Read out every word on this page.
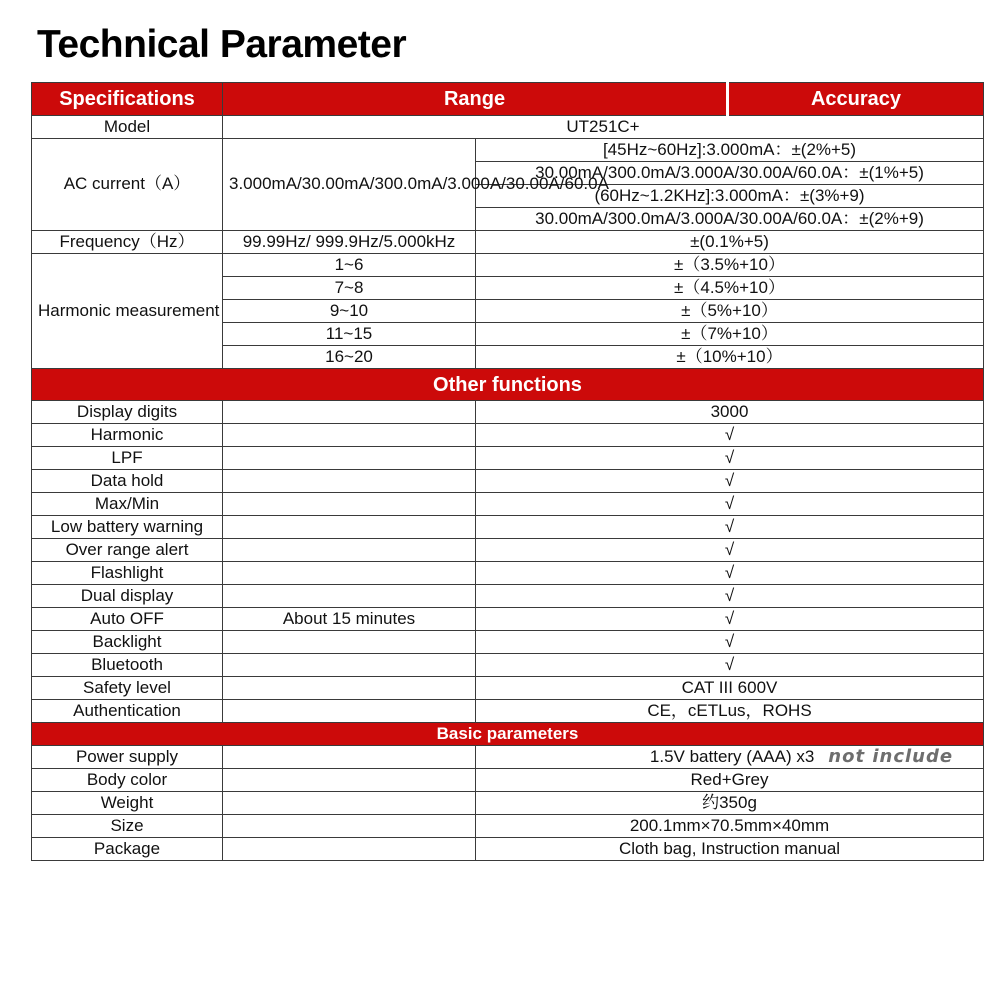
Technical Parameter
Specifications	Range		Accuracy
Model	UT251C+		
AC current（A）	3.000mA/30.00mA/300.0mA/3.000A/30.00A/60.0A	[45Hz~60Hz]:3.000mA：±(2%+5)	
		30.00mA/300.0mA/3.000A/30.00A/60.0A：±(1%+5)	
		(60Hz~1.2KHz]:3.000mA：±(3%+9)	
		30.00mA/300.0mA/3.000A/30.00A/60.0A：±(2%+9)	
Frequency（Hz）	99.99Hz/ 999.9Hz/5.000kHz	±(0.1%+5)	
Harmonic measurement	1~6	±（3.5%+10）	
	7~8	±（4.5%+10）	
	9~10	±（5%+10）	
	11~15	±（7%+10）	
	16~20	±（10%+10）	
Other functions			
Display digits		3000	
Harmonic		√	
LPF		√	
Data hold		√	
Max/Min		√	
Low battery warning		√	
Over range alert		√	
Flashlight		√	
Dual display		√	
Auto OFF	About 15 minutes	√	
Backlight		√	
Bluetooth		√	
Safety level		CAT III 600V	
Authentication		CE，cETLus，ROHS	
Basic parameters			
Power supply		1.5V battery (AAA) x3 not include	
Body color		Red+Grey	
Weight		约350g	
Size		200.1mm×70.5mm×40mm	
Package		Cloth bag, Instruction manual	
